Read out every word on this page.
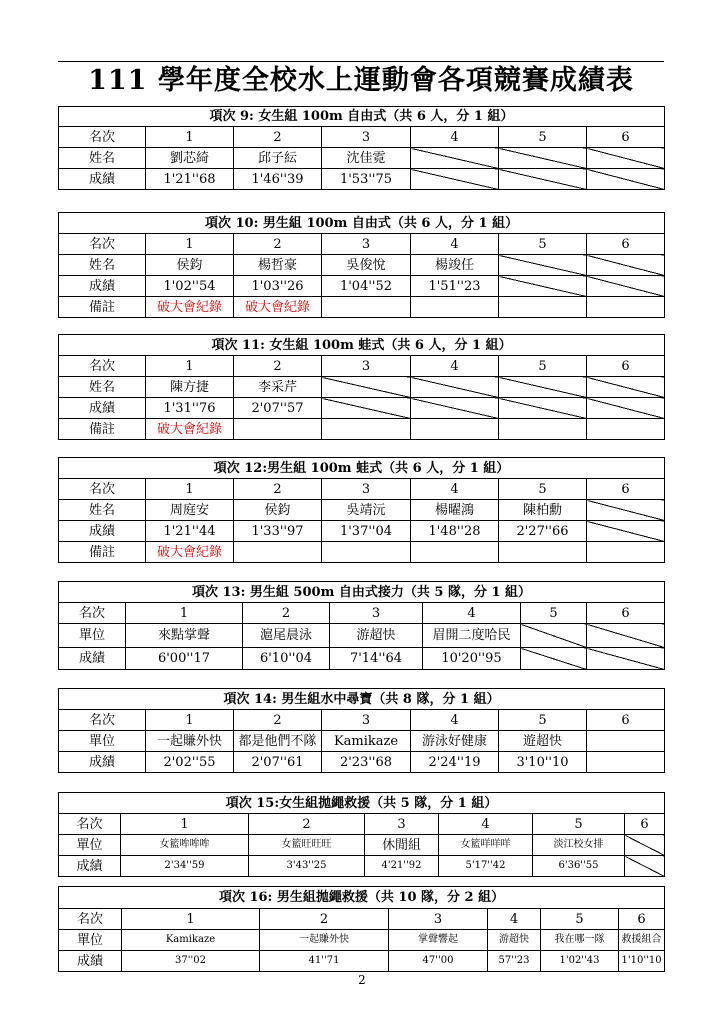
111 學年度全校水上運動會各項競賽成績表
項次 9: 女生組 100m 自由式（共 6 人，分 1 組）						
名次	1	2	3	4	5	6
姓名	劉芯綺	邱子紜	沈佳霓			
成績	1'21''68	1'46''39	1'53''75			
項次 10: 男生組 100m 自由式（共 6 人，分 1 組）						
名次	1	2	3	4	5	6
姓名	侯鈞	楊哲豪	吳俊悅	楊竣任		
成績	1'02''54	1'03''26	1'04''52	1'51''23		
備註	破大會紀錄	破大會紀錄				
項次 11: 女生組 100m 蛙式（共 6 人，分 1 組）						
名次	1	2	3	4	5	6
姓名	陳方捷	李采芹				
成績	1'31''76	2'07''57				
備註	破大會紀錄					
項次 12:男生組 100m 蛙式（共 6 人，分 1 組）						
名次	1	2	3	4	5	6
姓名	周庭安	侯鈞	吳靖沅	楊曜鴻	陳柏勳	
成績	1'21''44	1'33''97	1'37''04	1'48''28	2'27''66	
備註	破大會紀錄					
項次 13: 男生組 500m 自由式接力（共 5 隊，分 1 組）						
名次	1	2	3	4	5	6
單位	來點掌聲	滬尾晨泳	游超快	眉開二度哈民		
成績	6'00''17	6'10''04	7'14''64	10'20''95		
項次 14: 男生組水中尋寶（共 8 隊，分 1 組）						
名次	1	2	3	4	5	6
單位	一起賺外快	都是他們不隊	Kamikaze	游泳好健康	遊超快	
成績	2'02''55	2'07''61	2'23''68	2'24''19	3'10''10	
項次 15:女生組拋繩救援（共 5 隊，分 1 組）						
名次	1	2	3	4	5	6
單位	女籃哞哞哞	女籃旺旺旺	休閒組	女籃咩咩咩	淡江校女排	
成績	2'34''59	3'43''25	4'21''92	5'17''42	6'36''55	
項次 16: 男生組拋繩救援（共 10 隊，分 2 組）						
名次	1	2	3	4	5	6
單位	Kamikaze	一起賺外快	掌聲響起	游超快	我在哪一隊	救援組合
成績	37''02	41''71	47''00	57''23	1'02''43	1'10''10
2
